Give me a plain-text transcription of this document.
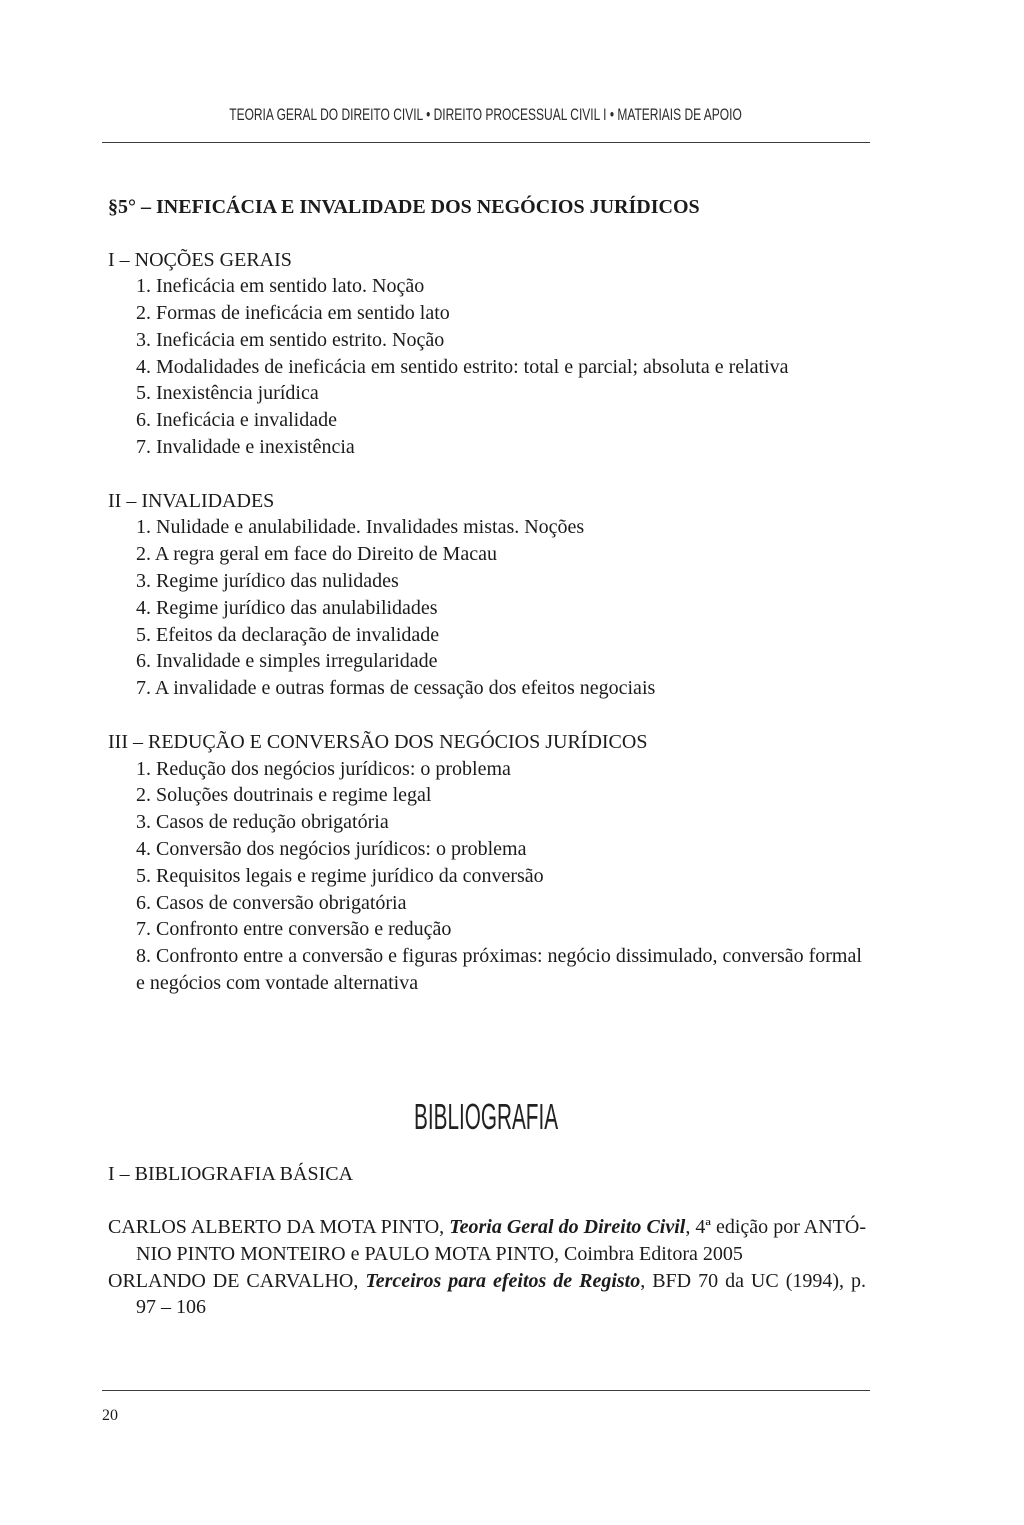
TEORIA GERAL DO DIREITO CIVIL • DIREITO PROCESSUAL CIVIL I • MATERIAIS DE APOIO
§5° – INEFICÁCIA E INVALIDADE DOS NEGÓCIOS JURÍDICOS
I – NOÇÕES GERAIS
1. Ineficácia em sentido lato. Noção
2. Formas de ineficácia em sentido lato
3. Ineficácia em sentido estrito. Noção
4. Modalidades de ineficácia em sentido estrito: total e parcial; absoluta e relativa
5. Inexistência jurídica
6. Ineficácia e invalidade
7. Invalidade e inexistência
II – INVALIDADES
1. Nulidade e anulabilidade. Invalidades mistas. Noções
2. A regra geral em face do Direito de Macau
3. Regime jurídico das nulidades
4. Regime jurídico das anulabilidades
5. Efeitos da declaração de invalidade
6. Invalidade e simples irregularidade
7. A invalidade e outras formas de cessação dos efeitos negociais
III – REDUÇÃO E CONVERSÃO DOS NEGÓCIOS JURÍDICOS
1. Redução dos negócios jurídicos: o problema
2. Soluções doutrinais e regime legal
3. Casos de redução obrigatória
4. Conversão dos negócios jurídicos: o problema
5. Requisitos legais e regime jurídico da conversão
6. Casos de conversão obrigatória
7. Confronto entre conversão e redução
8. Confronto entre a conversão e figuras próximas: negócio dissimulado, conversão formal e negócios com vontade alternativa
BIBLIOGRAFIA
I – BIBLIOGRAFIA BÁSICA
CARLOS ALBERTO DA MOTA PINTO, Teoria Geral do Direito Civil, 4ª edição por ANTÓ-
NIO PINTO MONTEIRO e PAULO MOTA PINTO, Coimbra Editora 2005
ORLANDO DE CARVALHO, Terceiros para efeitos de Registo, BFD 70 da UC (1994), p.
97 – 106
20
